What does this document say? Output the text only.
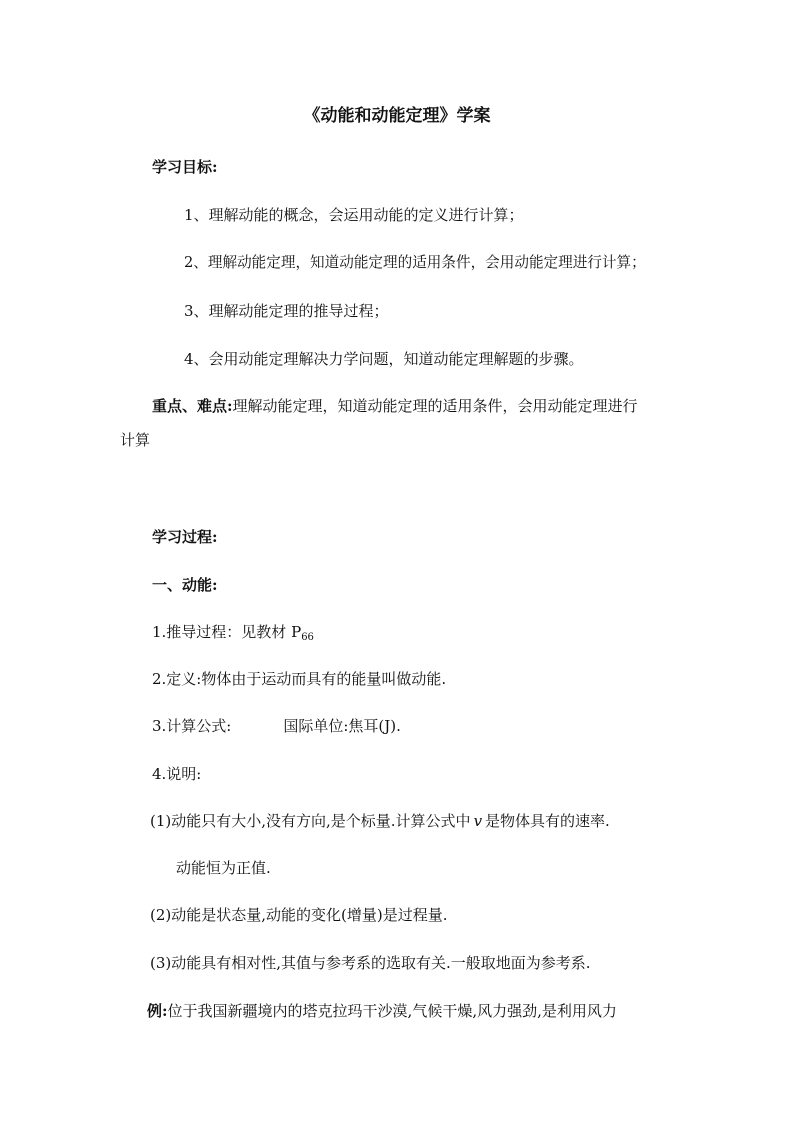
《动能和动能定理》学案
学习目标:
1、理解动能的概念，会运用动能的定义进行计算；
2、理解动能定理，知道动能定理的适用条件，会用动能定理进行计算；
3、理解动能定理的推导过程；
4、会用动能定理解决力学问题，知道动能定理解题的步骤。
重点、难点:理解动能定理，知道动能定理的适用条件，会用动能定理进行
计算
学习过程:
一、动能:
1.推导过程：见教材 $P_{66}$
2.定义:物体由于运动而具有的能量叫做动能.
3.计算公式:	国际单位:焦耳(J).
4.说明:
(1)动能只有大小,没有方向,是个标量.计算公式中 v 是物体具有的速率.
动能恒为正值.
(2)动能是状态量,动能的变化(增量)是过程量.
(3)动能具有相对性,其值与参考系的选取有关.一般取地面为参考系.
例:位于我国新疆境内的塔克拉玛干沙漠,气候干燥,风力强劲,是利用风力
